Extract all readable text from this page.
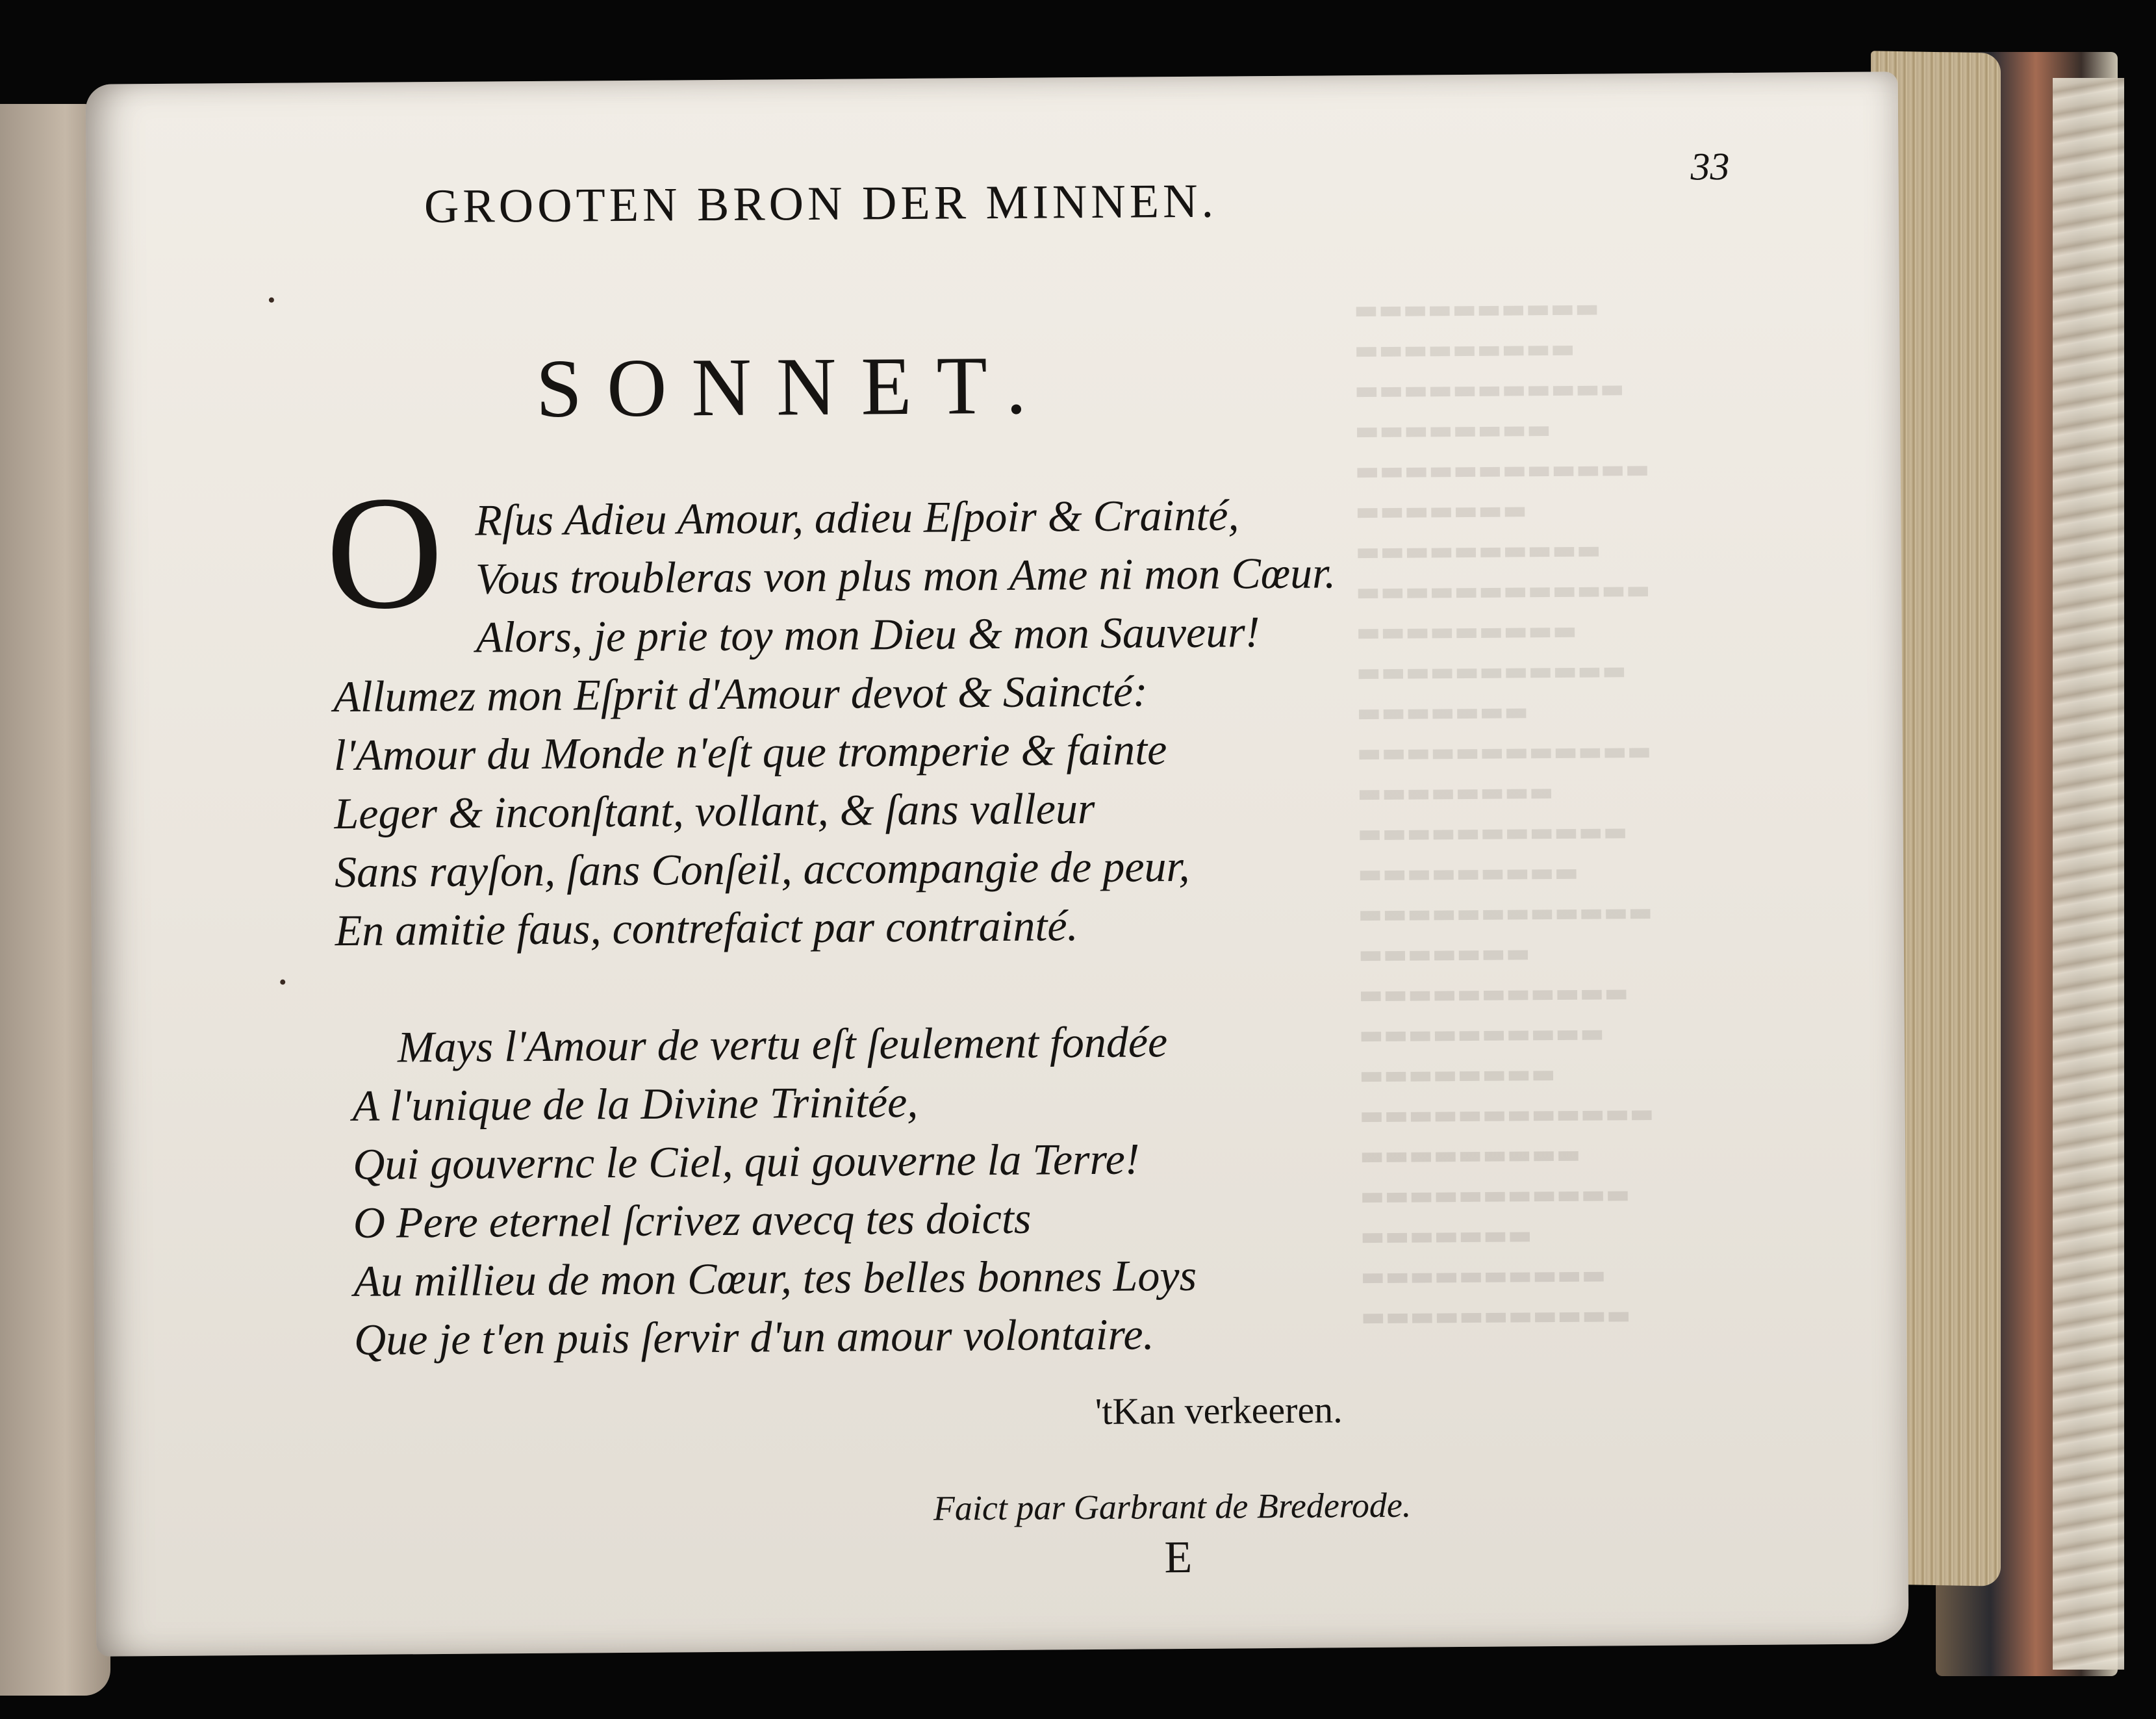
▬▬▬▬▬▬▬▬▬▬
▬▬▬▬▬▬▬▬▬
▬▬▬▬▬▬▬▬▬▬▬
▬▬▬▬▬▬▬▬
▬▬▬▬▬▬▬▬▬▬▬▬
▬▬▬▬▬▬▬
▬▬▬▬▬▬▬▬▬▬
▬▬▬▬▬▬▬▬▬▬▬▬
▬▬▬▬▬▬▬▬▬
▬▬▬▬▬▬▬▬▬▬▬
▬▬▬▬▬▬▬
▬▬▬▬▬▬▬▬▬▬▬▬
▬▬▬▬▬▬▬▬
▬▬▬▬▬▬▬▬▬▬▬
▬▬▬▬▬▬▬▬▬
▬▬▬▬▬▬▬▬▬▬▬▬
▬▬▬▬▬▬▬
▬▬▬▬▬▬▬▬▬▬▬
▬▬▬▬▬▬▬▬▬▬
▬▬▬▬▬▬▬▬
▬▬▬▬▬▬▬▬▬▬▬▬
▬▬▬▬▬▬▬▬▬
▬▬▬▬▬▬▬▬▬▬▬
▬▬▬▬▬▬▬
▬▬▬▬▬▬▬▬▬▬
▬▬▬▬▬▬▬▬▬▬▬
GROOTEN BRON DER MINNEN.
33
SONNET.
O Rſus Adieu Amour, adieu Eſpoir & Crainté,
Vous troubleras von plus mon Ame ni mon Cœur.
Alors, je prie toy mon Dieu & mon Sauveur!
Allumez mon Eſprit d'Amour devot & Saincté:
l'Amour du Monde n'eſt que tromperie & fainte
Leger & inconſtant, vollant, & ſans valleur
Sans rayſon, ſans Conſeil, accompangie de peur,
En amitie faus, contrefaict par contrainté.
Mays l'Amour de vertu eſt ſeulement fondée
A l'unique de la Divine Trinitée,
Qui gouvernc le Ciel, qui gouverne la Terre!
O Pere eternel ſcrivez avecq tes doicts
Au millieu de mon Cœur, tes belles bonnes Loys
Que je t'en puis ſervir d'un amour volontaire.
'tKan verkeeren.
Faict par Garbrant de Brederode.
E
